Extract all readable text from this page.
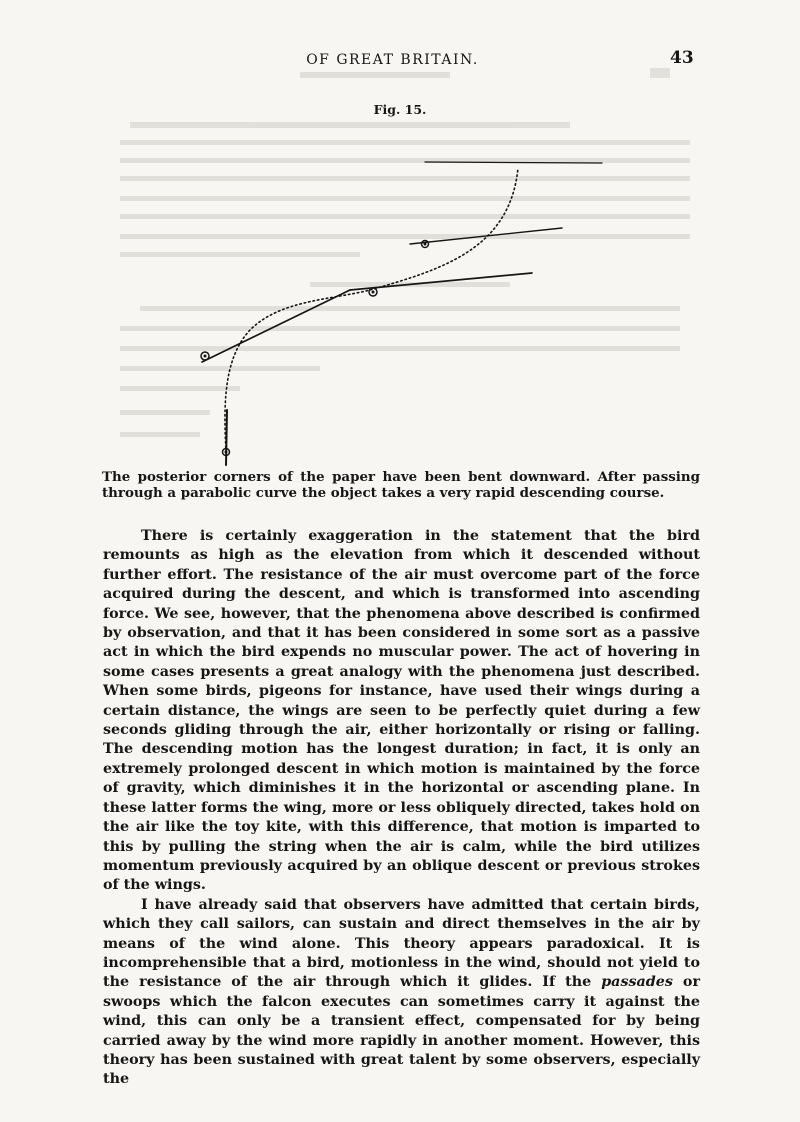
OF GREAT BRITAIN.	43
Fig. 15.
The posterior corners of the paper have been bent downward. After passing through a parabolic curve the object takes a very rapid descending course.

There is certainly exaggeration in the statement that the bird remounts as high as the elevation from which it descended without further effort. The resistance of the air must overcome part of the force acquired during the descent, and which is transformed into ascending force. We see, however, that the phenomena above described is confirmed by observation, and that it has been considered in some sort as a passive act in which the bird expends no muscular power. The act of hovering in some cases presents a great analogy with the phenomena just described. When some birds, pigeons for instance, have used their wings during a certain distance, the wings are seen to be perfectly quiet during a few seconds gliding through the air, either horizontally or rising or falling. The descending motion has the longest duration; in fact, it is only an extremely prolonged descent in which motion is maintained by the force of gravity, which diminishes it in the horizontal or ascending plane. In these latter forms the wing, more or less obliquely directed, takes hold on the air like the toy kite, with this difference, that motion is imparted to this by pulling the string when the air is calm, while the bird utilizes momentum previously acquired by an oblique descent or previous strokes of the wings.

I have already said that observers have admitted that certain birds, which they call sailors, can sustain and direct themselves in the air by means of the wind alone. This theory appears paradoxical. It is incomprehensible that a bird, motionless in the wind, should not yield to the resistance of the air through which it glides. If the passades or swoops which the falcon executes can sometimes carry it against the wind, this can only be a transient effect, compensated for by being carried away by the wind more rapidly in another moment. However, this theory has been sustained with great talent by some observers, especially the
